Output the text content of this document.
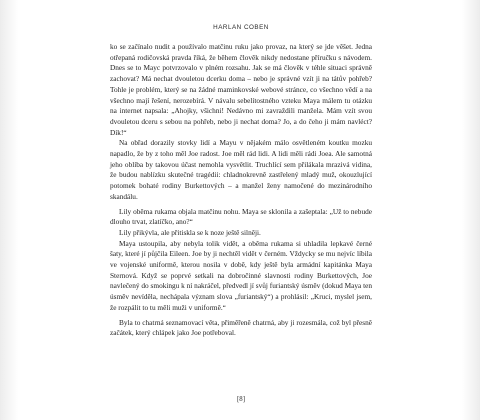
HARLAN COBEN

ko se začínalo nudit a používalo matčinu ruku jako provaz, na který se jde věšet. Jedna otřepaná rodičovská pravda říká, že během člověk nikdy nedostane příručku s návodem. Dnes se to Mayc potvrzovalo v plném rozsahu. Jak se má člověk v téhle situaci správně zachovat? Má nechat dvouletou dcerku doma – nebo je správné vzít ji na tátův pohřeb? Tohle je problém, který se na žádné maminkovské webové stránce, co všechno vědí a na všechno mají řešení, nerozebírá. V návalu sebelítostného vzteku Maya málem tu otázku na internet napsala: „Ahojky, všichni! Nedávno mi zavraždili manžela. Mám vzít svou dvouletou dceru s sebou na pohřeb, nebo ji nechat doma? Jo, a do čeho ji mám navléct? Dík!“

Na obřad dorazily stovky lidí a Mayu v nějakém málo osvětleném koutku mozku napadlo, že by z toho měl Joe radost. Joe měl rád lidi. A lidi měli rádi Joea. Ale samotná jeho oblíba by takovou účast nemohla vysvětlit. Truchlící sem přilákala mrazivá vidina, že budou nablízku skutečné tragédii: chladnokrevně zastřelený mladý muž, okouzlující potomek bohaté rodiny Burkettových – a manžel ženy namočené do mezinárodního skandálu.

Lily oběma rukama objala matčinu nohu. Maya se sklonila a zašeptala: „Už to nebude dlouho trvat, zlatíčko, ano?“

Lily přikývla, ale přitiskla se k noze ještě silněji.

Maya ustoupila, aby nebyla tolik vidět, a oběma rukama si uhladila lepkavé černé šaty, které jí půjčila Eileen. Joe by ji nechtěl vidět v černém. Vždycky se mu nejvíc líbila ve vojenské uniformě, kterou nosila v době, kdy ještě byla armádní kapitánka Maya Sternová. Když se poprvé setkali na dobročinné slavnosti rodiny Burkettových, Joe navlečený do smokingu k ní nakráčel, předvedl jí svůj furiantský úsměv (dokud Maya ten úsměv nevíděla, nechápala význam slova „furiantský“) a prohlásil: „Kruci, myslel jsem, že rozpálit to tu měli muži v uniformě.“

Byla to chatrná seznamovací věta, přiměřeně chatrná, aby ji rozesmála, což byl přesně začátek, který chlápek jako Joe potřeboval.

[8]
